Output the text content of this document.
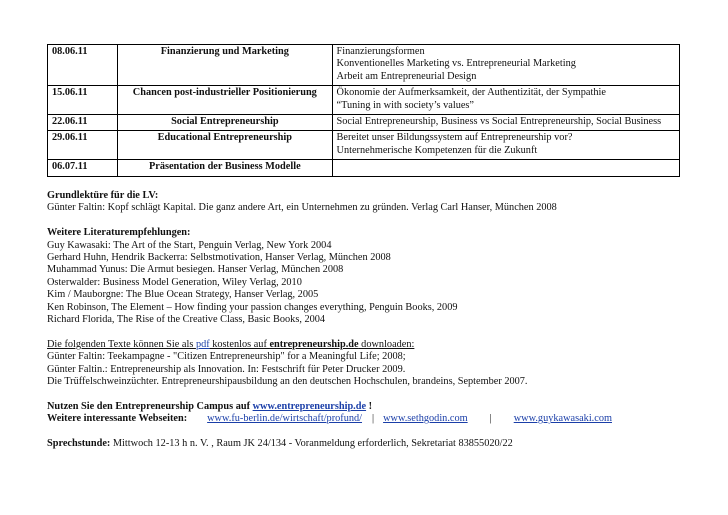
08.06.11	Finanzierung und Marketing	Finanzierungsformen
Konventionelles Marketing vs. Entrepreneurial Marketing
Arbeit am Entrepreneurial Design

15.06.11	Chancen post-industrieller Positionierung	Ökonomie der Aufmerksamkeit, der Authentizität, der Sympathie
“Tuning in with society’s values”

22.06.11	Social Entrepreneurship	Social Entrepreneurship, Business vs Social Entrepreneurship, Social Business

29.06.11	Educational Entrepreneurship	Bereitet unser Bildungssystem auf Entrepreneurship vor?
Unternehmerische Kompetenzen für die Zukunft

06.07.11	Präsentation der Business Modelle	

Grundlektüre für die LV:
Günter Faltin: Kopf schlägt Kapital. Die ganz andere Art, ein Unternehmen zu gründen. Verlag Carl Hanser, München 2008
Weitere Literaturempfehlungen:
Guy Kawasaki: The Art of the Start, Penguin Verlag, New York 2004
Gerhard Huhn, Hendrik Backerra: Selbstmotivation, Hanser Verlag, München 2008
Muhammad Yunus: Die Armut besiegen. Hanser Verlag, München 2008
Osterwalder: Business Model Generation, Wiley Verlag, 2010
Kim / Mauborgne: The Blue Ocean Strategy, Hanser Verlag, 2005
Ken Robinson, The Element – How finding your passion changes everything, Penguin Books, 2009
Richard Florida, The Rise of the Creative Class, Basic Books, 2004
Die folgenden Texte können Sie als pdf kostenlos auf entrepreneurship.de downloaden:
Günter Faltin: Teekampagne - "Citizen Entrepreneurship" for a Meaningful Life; 2008;
Günter Faltin.: Entrepreneurship als Innovation. In: Festschrift für Peter Drucker 2009.
Die Trüffelschweinzüchter. Entrepreneurshipausbildung an den deutschen Hochschulen, brandeins, September 2007.
Nutzen Sie den Entrepreneurship Campus auf www.entrepreneurship.de !
Weitere interessante Webseiten: www.fu-berlin.de/wirtschaft/profund/ | www.sethgodin.com | www.guykawasaki.com
Sprechstunde: Mittwoch 12-13 h n. V. , Raum JK 24/134 - Voranmeldung erforderlich, Sekretariat 83855020/22
